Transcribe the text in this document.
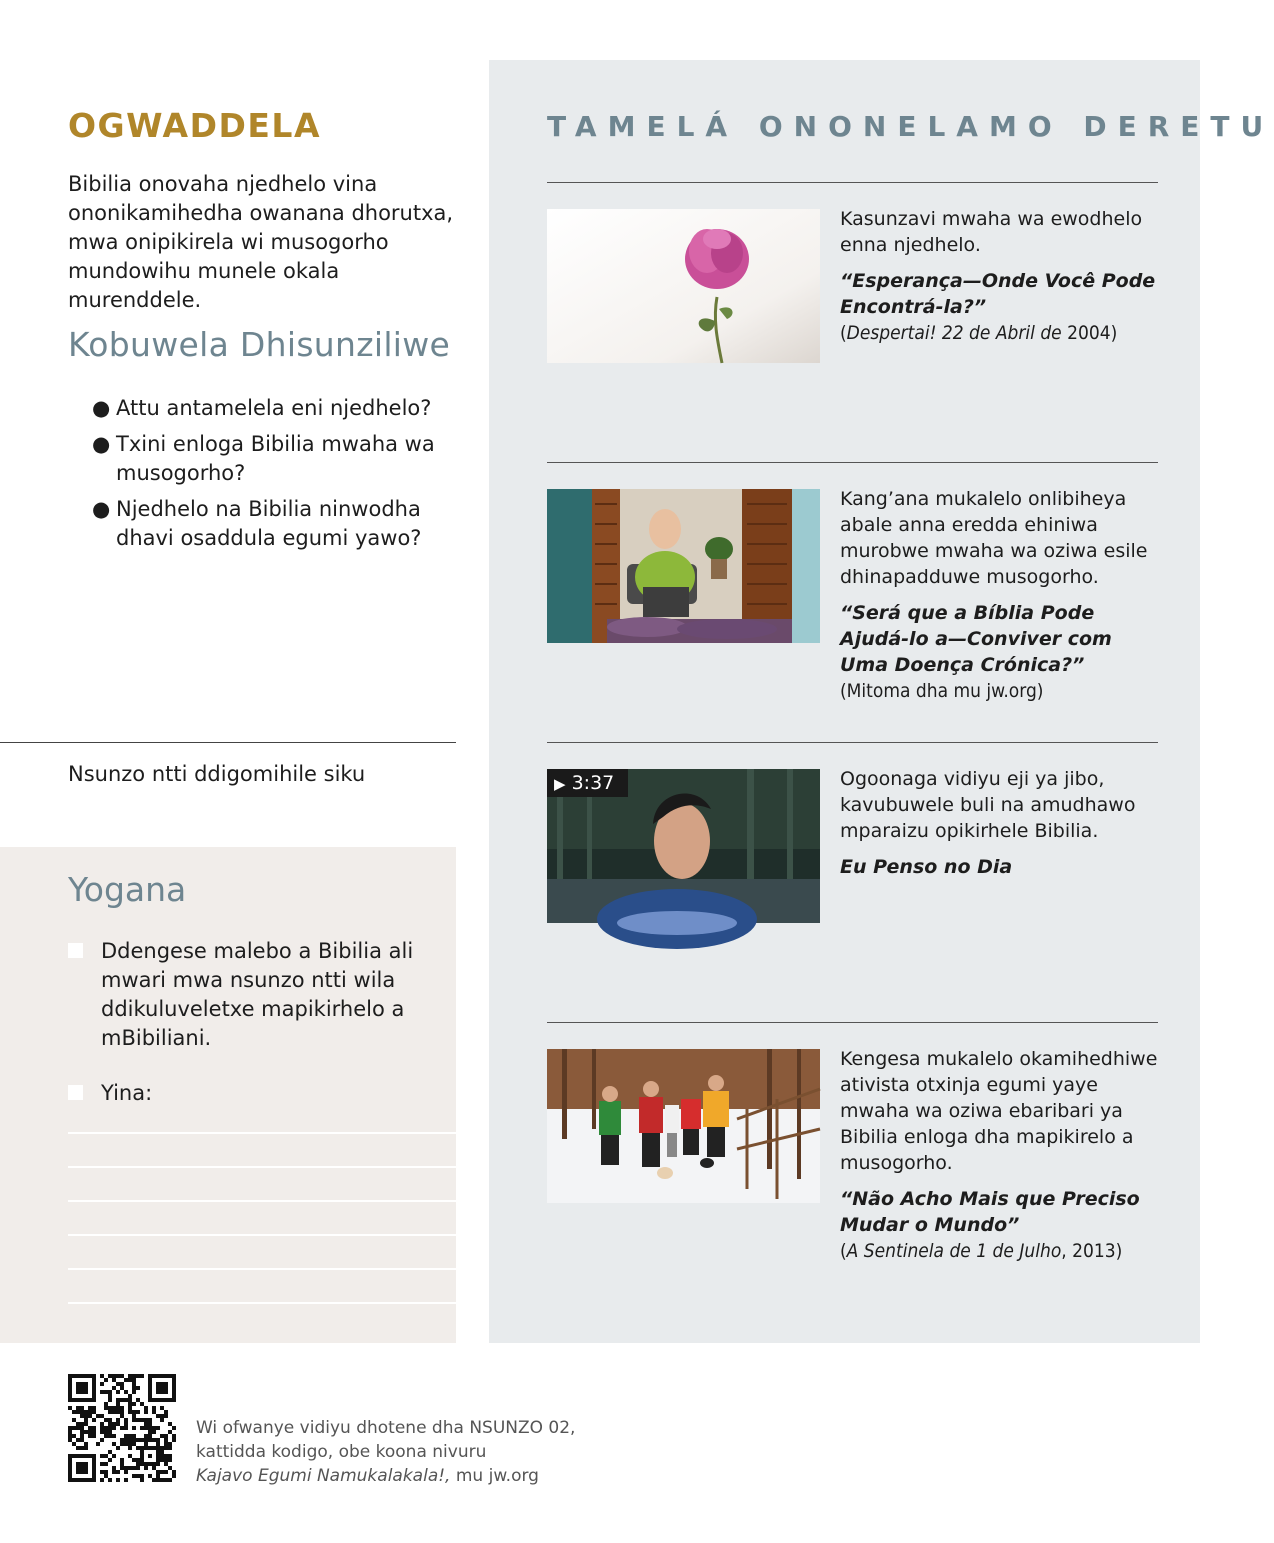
OGWADDELA
Bibilia onovaha njedhelo vina ononikamihedha owanana dhorutxa, mwa onipikirela wi musogorho mundowihu munele okala murenddele.
Kobuwela Dhisunziliwe
● Attu antamelela eni njedhelo?
● Txini enloga Bibilia mwaha wa musogorho?
● Njedhelo na Bibilia ninwodha dhavi osaddula egumi yawo?
Nsunzo ntti ddigomihile siku
Yogana
Ddengese malebo a Bibilia ali mwari mwa nsunzo ntti wila ddikuluveletxe mapikirhelo a mBibiliani.
Yina:
TAMELÁ ONONELAMO DERETU

Kasunzavi mwaha wa ewodhelo enna njedhelo.

“Esperança—Onde Você Pode Encontrá-la?”

(Despertai! 22 de Abril de 2004)

Kang’ana mukalelo onlibiheya abale anna eredda ehiniwa murobwe mwaha wa oziwa esile dhinapadduwe musogorho.

“Será que a Bíblia Pode Ajudá-lo a—Conviver com Uma Doença Crónica?”

(Mitoma dha mu jw.org)

▶ 3:37	Ogoonaga vidiyu eji ya jibo, kavubuwele buli na amudhawo mparaizu opikirhele Bibilia.

Eu Penso no Dia

Kengesa mukalelo okamihedhiwe ativista otxinja egumi yaye mwaha wa oziwa ebaribari ya Bibilia enloga dha mapikirelo a musogorho.

“Não Acho Mais que Preciso Mudar o Mundo”

(A Sentinela de 1 de Julho, 2013)

Wi ofwanye vidiyu dhotene dha NSUNZO 02,
kattidda kodigo, obe koona nivuru
Kajavo Egumi Namukalakala!, mu jw.org
